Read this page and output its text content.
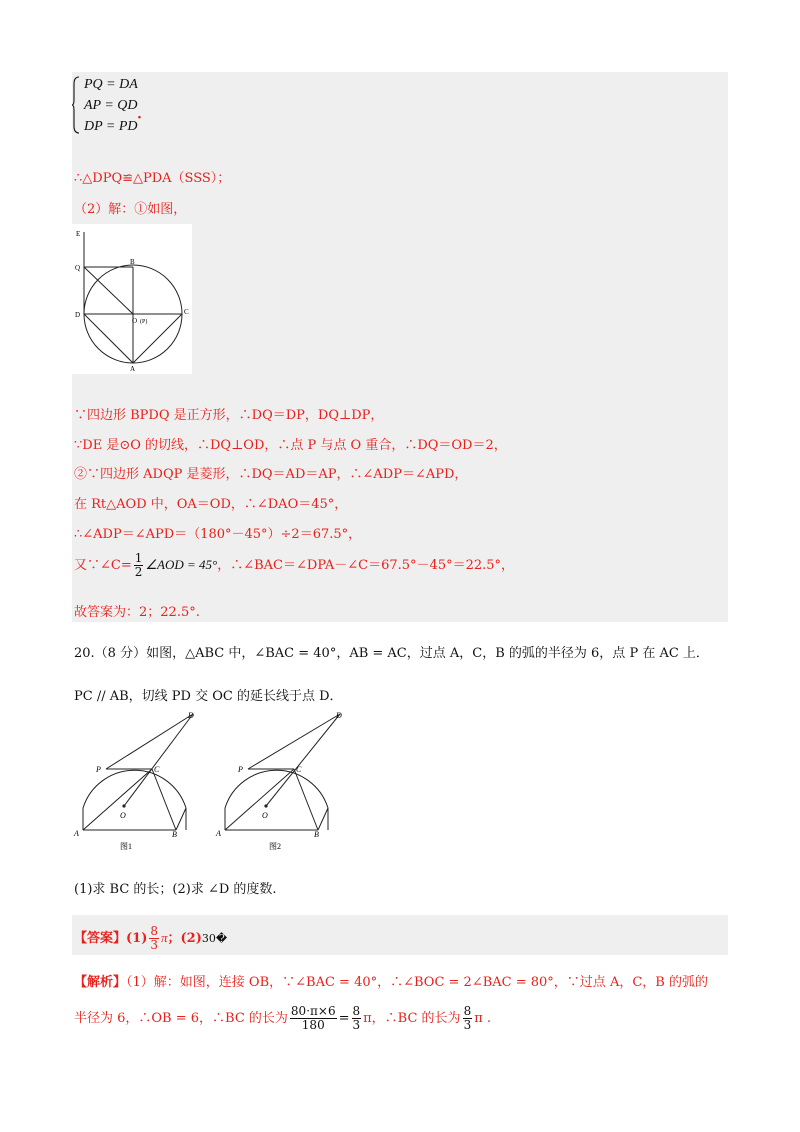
PQ = DA
AP = QD
DP = PD
·
∴△DPQ≌△PDA（SSS）；
（2）解：①如图，
E
Q
B
D
O (P)
C
A
∵四边形 BPDQ 是正方形，∴DQ＝DP，DQ⊥DP，
∵DE 是⊙O 的切线，∴DQ⊥OD，∴点 P 与点 O 重合，∴DQ＝OD＝2，
②∵四边形 ADQP 是菱形，∴DQ＝AD＝AP，∴∠ADP＝∠APD，
在 Rt△AOD 中，OA＝OD，∴∠DAO＝45°，
∴∠ADP＝∠APD＝（180°－45°）÷2＝67.5°，
又∵∠C= $\frac{1}{2}$ ∠AOD = 45°，∴∠BAC＝∠DPA－∠C＝67.5°－45°＝22.5°，
故答案为：2；22.5°.
20.（8 分）如图，△ABC 中，∠BAC = 40°，AB = AC，过点 A，C，B 的弧的半径为 6，点 P 在 AC 上．
PC // AB，切线 PD 交 OC 的延长线于点 D．
D
P	C
O
A	B
图1
D
P	C
O
A	B
图2
(1)求 BC 的长；(2)求 ∠D 的度数.
【答案】$(1) \frac{8}{3}$ π；(2)30�
【解析】（1）解：如图，连接 OB，∵∠BAC = 40°，∴∠BOC = 2∠BAC = 80°，∵过点 A，C，B 的弧的
半径为 6，∴OB = 6，∴BC 的长为 $\frac{80\cdot\pi\times 6}{180} = \frac{8}{3}$ π，∴BC 的长为 $\frac{8}{3}$ π .
